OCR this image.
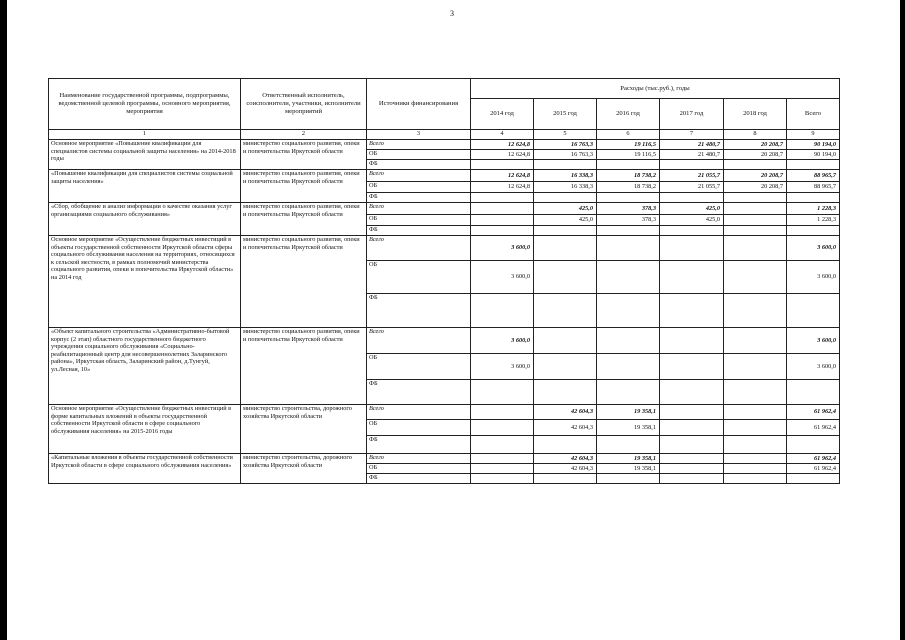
3
Наименование государственной программы, подпрограммы, ведомственной целевой программы, основного мероприятия, мероприятия	Ответственный исполнитель, соисполнители, участники, исполнители мероприятий	Источники финансирования	Расходы (тыс.руб.), годы					
			2014 год	2015 год	2016 год	2017 год	2018 год	Всего
1	2	3	4	5	6	7	8	9
Основное мероприятие «Повышение квалификации для специалистов системы социальной защиты населения» на 2014-2018 годы	министерство социального развития, опеки и попечительства Иркутской области	Всего	12 624,8	16 763,3	19 116,5	21 480,7	20 208,7	90 194,0
		ОБ	12 624,8	16 763,3	19 116,5	21 480,7	20 208,7	90 194,0
		ФБ						
«Повышение квалификации для специалистов системы социальной защиты населения»	министерство социального развития, опеки и попечительства Иркутской области	Всего	12 624,8	16 338,3	18 738,2	21 055,7	20 208,7	88 965,7
		ОБ	12 624,8	16 338,3	18 738,2	21 055,7	20 208,7	88 965,7
		ФБ						
«Сбор, обобщение и анализ информации о качестве оказания услуг организациями социального обслуживания»	министерство социального развития, опеки и попечительства Иркутской области	Всего		425,0	378,3	425,0		1 228,3
		ОБ		425,0	378,3	425,0		1 228,3
		ФБ						
Основное мероприятие «Осуществление бюджетных инвестиций в объекты государственной собственности Иркутской области сферы социального обслуживания населения на территориях, относящихся к сельской местности, в рамках полномочий министерства социального развития, опеки и попечительства Иркутской области» на 2014 год	министерство социального развития, опеки и попечительства Иркутской области	Всего	3 600,0					3 600,0
		ОБ	3 600,0					3 600,0
		ФБ						
«Объект капитального строительства «Административно-бытовой корпус (2 этап) областного государственного бюджетного учреждения социального обслуживания «Социально-реабилитационный центр для несовершеннолетних Заларинского района», Иркутская область, Заларинский район, д.Тунгуй, ул.Лесная, 10»	министерство социального развития, опеки и попечительства Иркутской области	Всего	3 600,0					3 600,0
		ОБ	3 600,0					3 600,0
		ФБ						
Основное мероприятие «Осуществление бюджетных инвестиций в форме капитальных вложений в объекты государственной собственности Иркутской области в сфере социального обслуживания населения» на 2015-2016 годы	министерство строительства, дорожного хозяйства Иркутской области	Всего		42 604,3	19 358,1			61 962,4
		ОБ		42 604,3	19 358,1			61 962,4
		ФБ						
«Капитальные вложения в объекты государственной собственности Иркутской области в сфере социального обслуживания населения»	министерство строительства, дорожного хозяйства Иркутской области	Всего		42 604,3	19 358,1			61 962,4
		ОБ		42 604,3	19 358,1			61 962,4
		ФБ						
